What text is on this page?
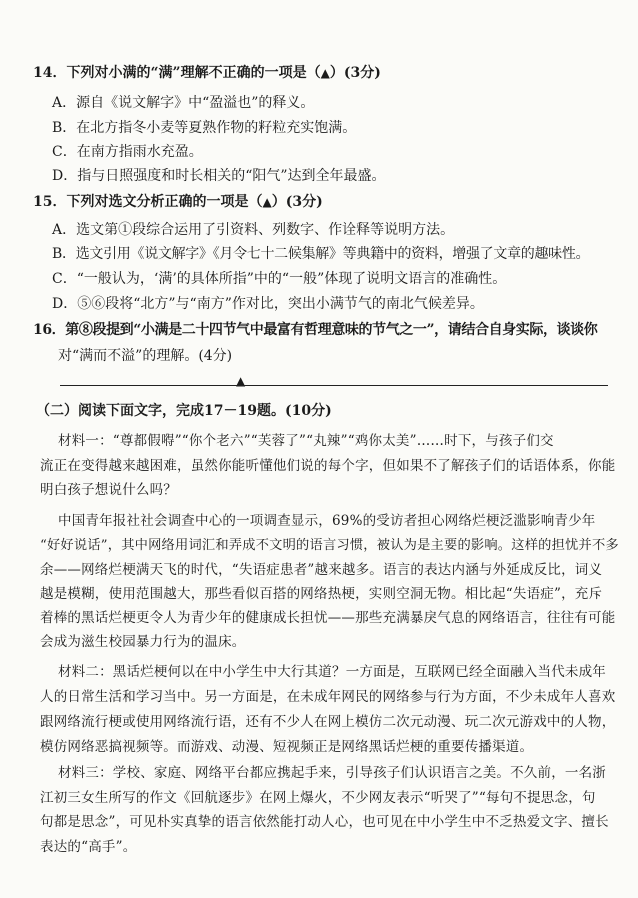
14．下列对小满的“满”理解不正确的一项是（▲）(3分)
A．源自《说文解字》中“盈溢也”的释义。
B．在北方指冬小麦等夏熟作物的籽粒充实饱满。
C．在南方指雨水充盈。
D．指与日照强度和时长相关的“阳气”达到全年最盛。
15．下列对选文分析正确的一项是（▲）(3分)
A．选文第①段综合运用了引资料、列数字、作诠释等说明方法。
B．选文引用《说文解字》《月令七十二候集解》等典籍中的资料，增强了文章的趣味性。
C．“一般认为，‘满’的具体所指”中的“一般”体现了说明文语言的准确性。
D．⑤⑥段将“北方”与“南方”作对比，突出小满节气的南北气候差异。
16．第⑧段提到“小满是二十四节气中最富有哲理意味的节气之一”，请结合自身实际，谈谈你
对“满而不溢”的理解。(4分)
▲
（二）阅读下面文字，完成17－19题。(10分)
材料一：“尊都假嘚”“你个老六”“芙蓉了”“丸辣”“鸡你太美”……时下，与孩子们交
流正在变得越来越困难，虽然你能听懂他们说的每个字，但如果不了解孩子们的话语体系，你能
明白孩子想说什么吗？
中国青年报社社会调查中心的一项调查显示，69%的受访者担心网络烂梗泛滥影响青少年
“好好说话”，其中网络用词汇和弄成不文明的语言习惯，被认为是主要的影响。这样的担忧并不多
余——网络烂梗满天飞的时代，“失语症患者”越来越多。语言的表达内涵与外延成反比，词义
越是模糊，使用范围越大，那些看似百搭的网络热梗，实则空洞无物。相比起“失语症”，充斥
着棒的黑话烂梗更令人为青少年的健康成长担忧——那些充满暴戾气息的网络语言，往往有可能
会成为滋生校园暴力行为的温床。
材料二：黑话烂梗何以在中小学生中大行其道？一方面是，互联网已经全面融入当代未成年
人的日常生活和学习当中。另一方面是，在未成年网民的网络参与行为方面，不少未成年人喜欢
跟网络流行梗或使用网络流行语，还有不少人在网上模仿二次元动漫、玩二次元游戏中的人物，
模仿网络恶搞视频等。而游戏、动漫、短视频正是网络黑话烂梗的重要传播渠道。
材料三：学校、家庭、网络平台都应携起手来，引导孩子们认识语言之美。不久前，一名浙
江初三女生所写的作文《回航逐步》在网上爆火，不少网友表示“听哭了”“每句不提思念，句
句都是思念”，可见朴实真挚的语言依然能打动人心，也可见在中小学生中不乏热爱文字、擅长
表达的“高手”。
